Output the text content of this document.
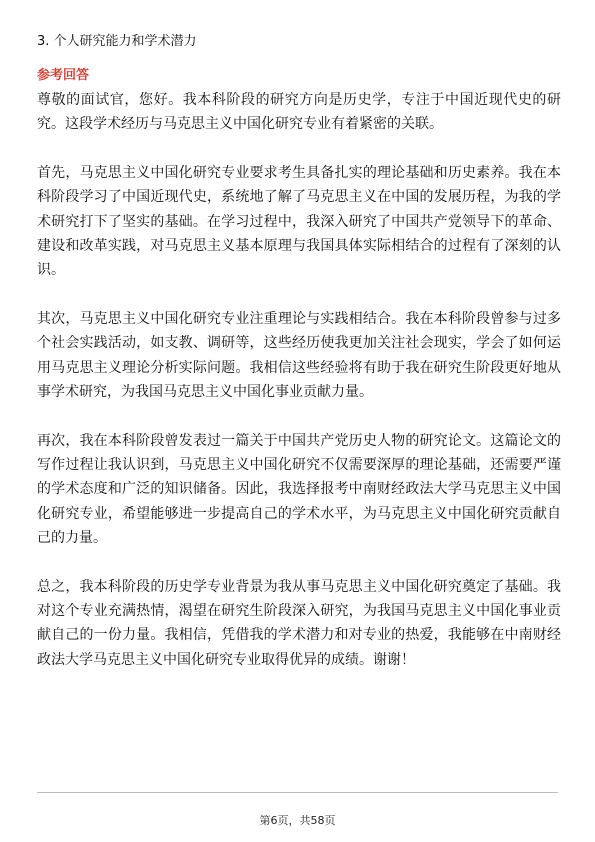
3. 个人研究能力和学术潜力
参考回答

尊敬的面试官，您好。我本科阶段的研究方向是历史学，专注于中国近现代史的研究。这段学术经历与马克思主义中国化研究专业有着紧密的关联。

首先，马克思主义中国化研究专业要求考生具备扎实的理论基础和历史素养。我在本科阶段学习了中国近现代史，系统地了解了马克思主义在中国的发展历程，为我的学术研究打下了坚实的基础。在学习过程中，我深入研究了中国共产党领导下的革命、建设和改革实践，对马克思主义基本原理与我国具体实际相结合的过程有了深刻的认识。

其次，马克思主义中国化研究专业注重理论与实践相结合。我在本科阶段曾参与过多个社会实践活动，如支教、调研等，这些经历使我更加关注社会现实，学会了如何运用马克思主义理论分析实际问题。我相信这些经验将有助于我在研究生阶段更好地从事学术研究，为我国马克思主义中国化事业贡献力量。

再次，我在本科阶段曾发表过一篇关于中国共产党历史人物的研究论文。这篇论文的写作过程让我认识到，马克思主义中国化研究不仅需要深厚的理论基础，还需要严谨的学术态度和广泛的知识储备。因此，我选择报考中南财经政法大学马克思主义中国化研究专业，希望能够进一步提高自己的学术水平，为马克思主义中国化研究贡献自己的力量。

总之，我本科阶段的历史学专业背景为我从事马克思主义中国化研究奠定了基础。我对这个专业充满热情，渴望在研究生阶段深入研究，为我国马克思主义中国化事业贡献自己的一份力量。我相信，凭借我的学术潜力和对专业的热爱，我能够在中南财经政法大学马克思主义中国化研究专业取得优异的成绩。谢谢！

第6页，共58页
